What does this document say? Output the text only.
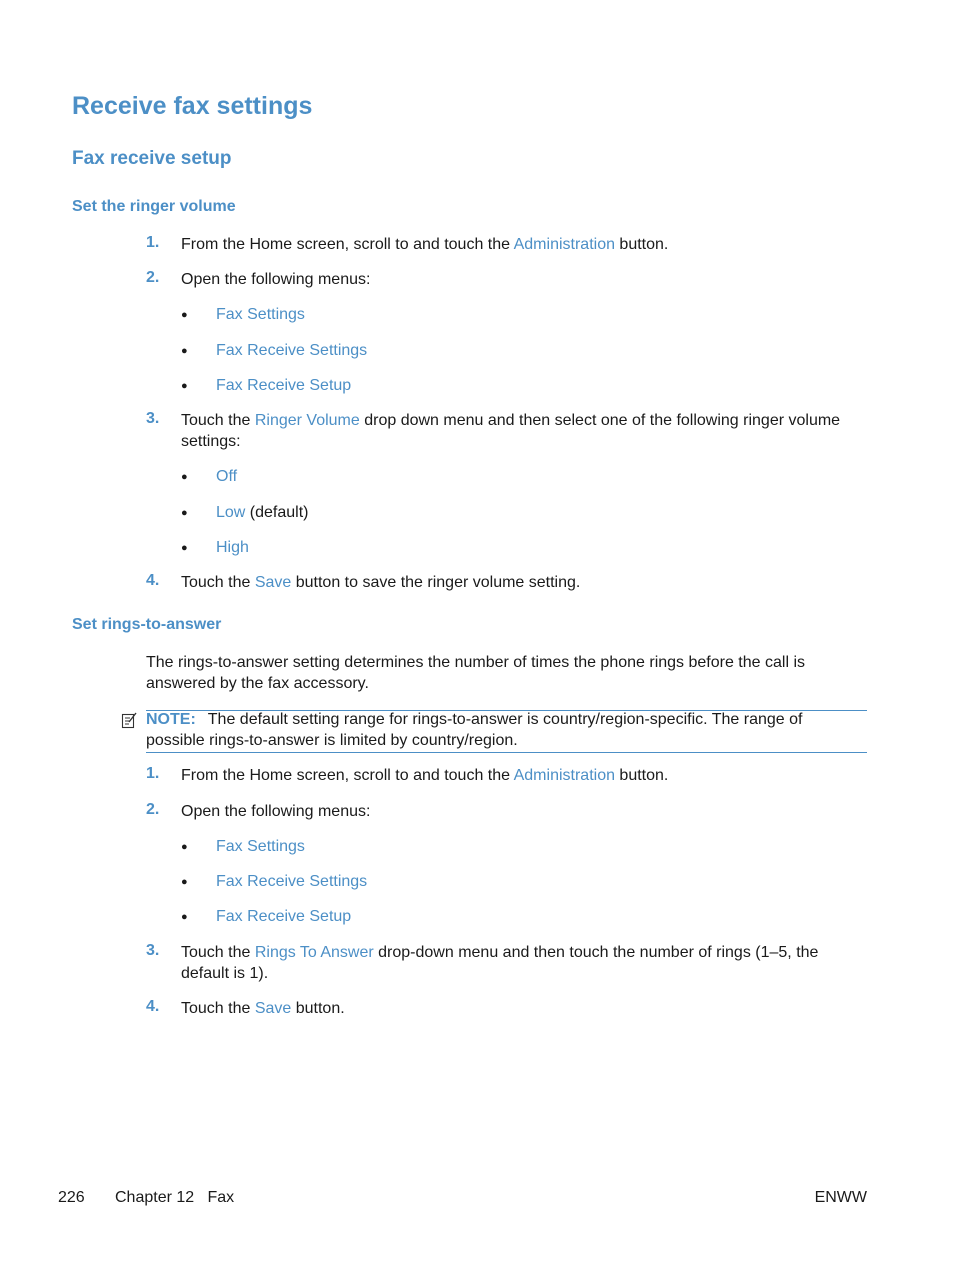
Receive fax settings
Fax receive setup
Set the ringer volume
1. From the Home screen, scroll to and touch the Administration button.
2. Open the following menus:
● Fax Settings
● Fax Receive Settings
● Fax Receive Setup
3. Touch the Ringer Volume drop down menu and then select one of the following ringer volume settings:
● Off
● Low (default)
● High
4. Touch the Save button to save the ringer volume setting.
Set rings-to-answer
The rings-to-answer setting determines the number of times the phone rings before the call is answered by the fax accessory.
NOTE: The default setting range for rings-to-answer is country/region-specific. The range of possible rings-to-answer is limited by country/region.
1. From the Home screen, scroll to and touch the Administration button.
2. Open the following menus:
● Fax Settings
● Fax Receive Settings
● Fax Receive Setup
3. Touch the Rings To Answer drop-down menu and then touch the number of rings (1–5, the default is 1).
4. Touch the Save button.
226 Chapter 12   Fax	ENWW
